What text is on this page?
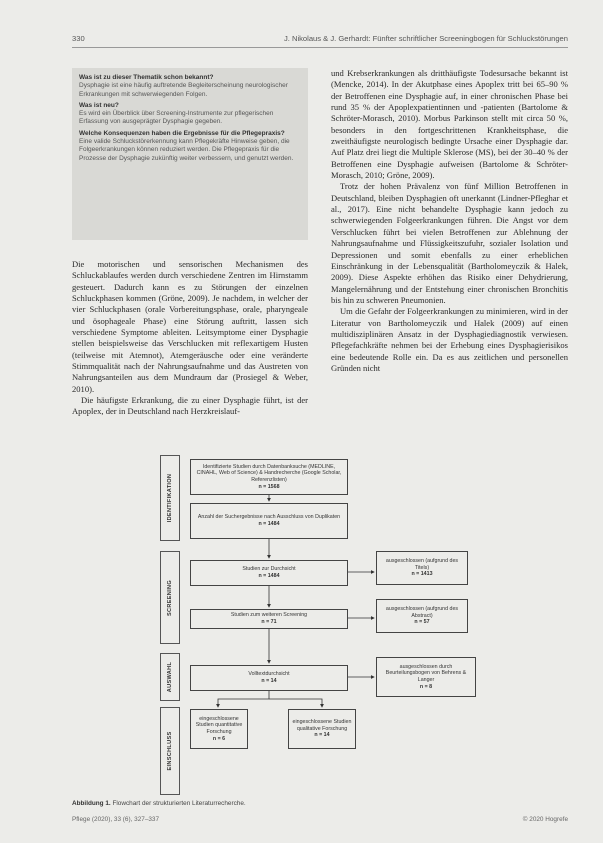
330	J. Nikolaus & J. Gerhardt: Fünfter schriftlicher Screeningbogen für Schluckstörungen
Was ist zu dieser Thematik schon bekannt?
Dysphagie ist eine häufig auftretende Begleiterscheinung neurologischer Erkrankungen mit schwerwiegenden Folgen.
Was ist neu?
Es wird ein Überblick über Screening-Instrumente zur pflegerischen Erfassung von ausgeprägter Dysphagie gegeben.
Welche Konsequenzen haben die Ergebnisse für die Pflegepraxis?
Eine valide Schluckstörerkennung kann Pflegekräfte Hinweise geben, die Folgeerkrankungen können reduziert werden. Die Pflegepraxis für die Prozesse der Dysphagie zukünftig weiter verbessern, und genutzt werden.

Die motorischen und sensorischen Mechanismen des Schluckablaufes werden durch verschiedene Zentren im Hirnstamm gesteuert. Dadurch kann es zu Störungen der einzelnen Schluckphasen kommen (Gröne, 2009). Je nachdem, in welcher der vier Schluckphasen (orale Vorbereitungsphase, orale, pharyngeale und ösophageale Phase) eine Störung auftritt, lassen sich verschiedene Symptome ableiten. Leitsymptome einer Dysphagie stellen beispielsweise das Verschlucken mit reflexartigem Husten (teilweise mit Atemnot), Atemgeräusche oder eine veränderte Stimmqualität nach der Nahrungsaufnahme und das Austreten von Nahrungsanteilen aus dem Mundraum dar (Prosiegel & Weber, 2010).

Die häufigste Erkrankung, die zu einer Dysphagie führt, ist der Apoplex, der in Deutschland nach Herzkreislauf-

und Krebserkrankungen als dritthäufigste Todesursache bekannt ist (Mencke, 2014). In der Akutphase eines Apoplex tritt bei 65–90 % der Betroffenen eine Dysphagie auf, in einer chronischen Phase bei rund 35 % der Apoplexpatientinnen und -patienten (Bartolome & Schröter-Morasch, 2010). Morbus Parkinson stellt mit circa 50 %, besonders in den fortgeschrittenen Krankheitsphase, die zweithäufigste neurologisch bedingte Ursache einer Dysphagie dar. Auf Platz drei liegt die Multiple Sklerose (MS), bei der 30–40 % der Betroffenen eine Dysphagie aufweisen (Bartolome & Schröter-Morasch, 2010; Gröne, 2009).

Trotz der hohen Prävalenz von fünf Million Betroffenen in Deutschland, bleiben Dysphagien oft unerkannt (Lindner-Pfleghar et al., 2017). Eine nicht behandelte Dysphagie kann jedoch zu schwerwiegenden Folgeerkrankungen führen. Die Angst vor dem Verschlucken führt bei vielen Betroffenen zur Ablehnung der Nahrungsaufnahme und Flüssigkeitszufuhr, sozialer Isolation und Depressionen und somit ebenfalls zu einer erheblichen Einschränkung in der Lebensqualität (Bartholomeyczik & Halek, 2009). Diese Aspekte erhöhen das Risiko einer Dehydrierung, Mangelernährung und der Entstehung einer chronischen Bronchitis bis hin zu schweren Pneumonien.

Um die Gefahr der Folgeerkrankungen zu minimieren, wird in der Literatur von Bartholomeyczik und Halek (2009) auf einen multidisziplinären Ansatz in der Dysphagiediagnostik verwiesen. Pflegefachkräfte nehmen bei der Erhebung eines Dysphagierisikos eine bedeutende Rolle ein. Da es aus zeitlichen und personellen Gründen nicht

IDENTIFIKATION
SCREENING
AUSWAHL
EINSCHLUSS
Identifizierte Studien durch Datenbanksuche (MEDLINE, CINAHL, Web of Science) & Handrecherche (Google Scholar, Referenzlisten)
n = 1568
Anzahl der Suchergebnisse nach Ausschluss von Duplikaten
n = 1484
Studien zur Durchsicht
n = 1484
ausgeschlossen (aufgrund des Titels)
n = 1413
Studien zum weiteren Screening
n = 71
ausgeschlossen (aufgrund des Abstract)
n = 57
Volltextdurchsicht
n = 14
ausgeschlossen durch Beurteilungsbogen von Behrens & Langer
n = 8
eingeschlossene Studien quantitative Forschung
n = 6
eingeschlossene Studien qualitative Forschung
n = 14
Abbildung 1. Flowchart der strukturierten Literaturrecherche.
Pflege (2020), 33 (6), 327–337	© 2020 Hogrefe
